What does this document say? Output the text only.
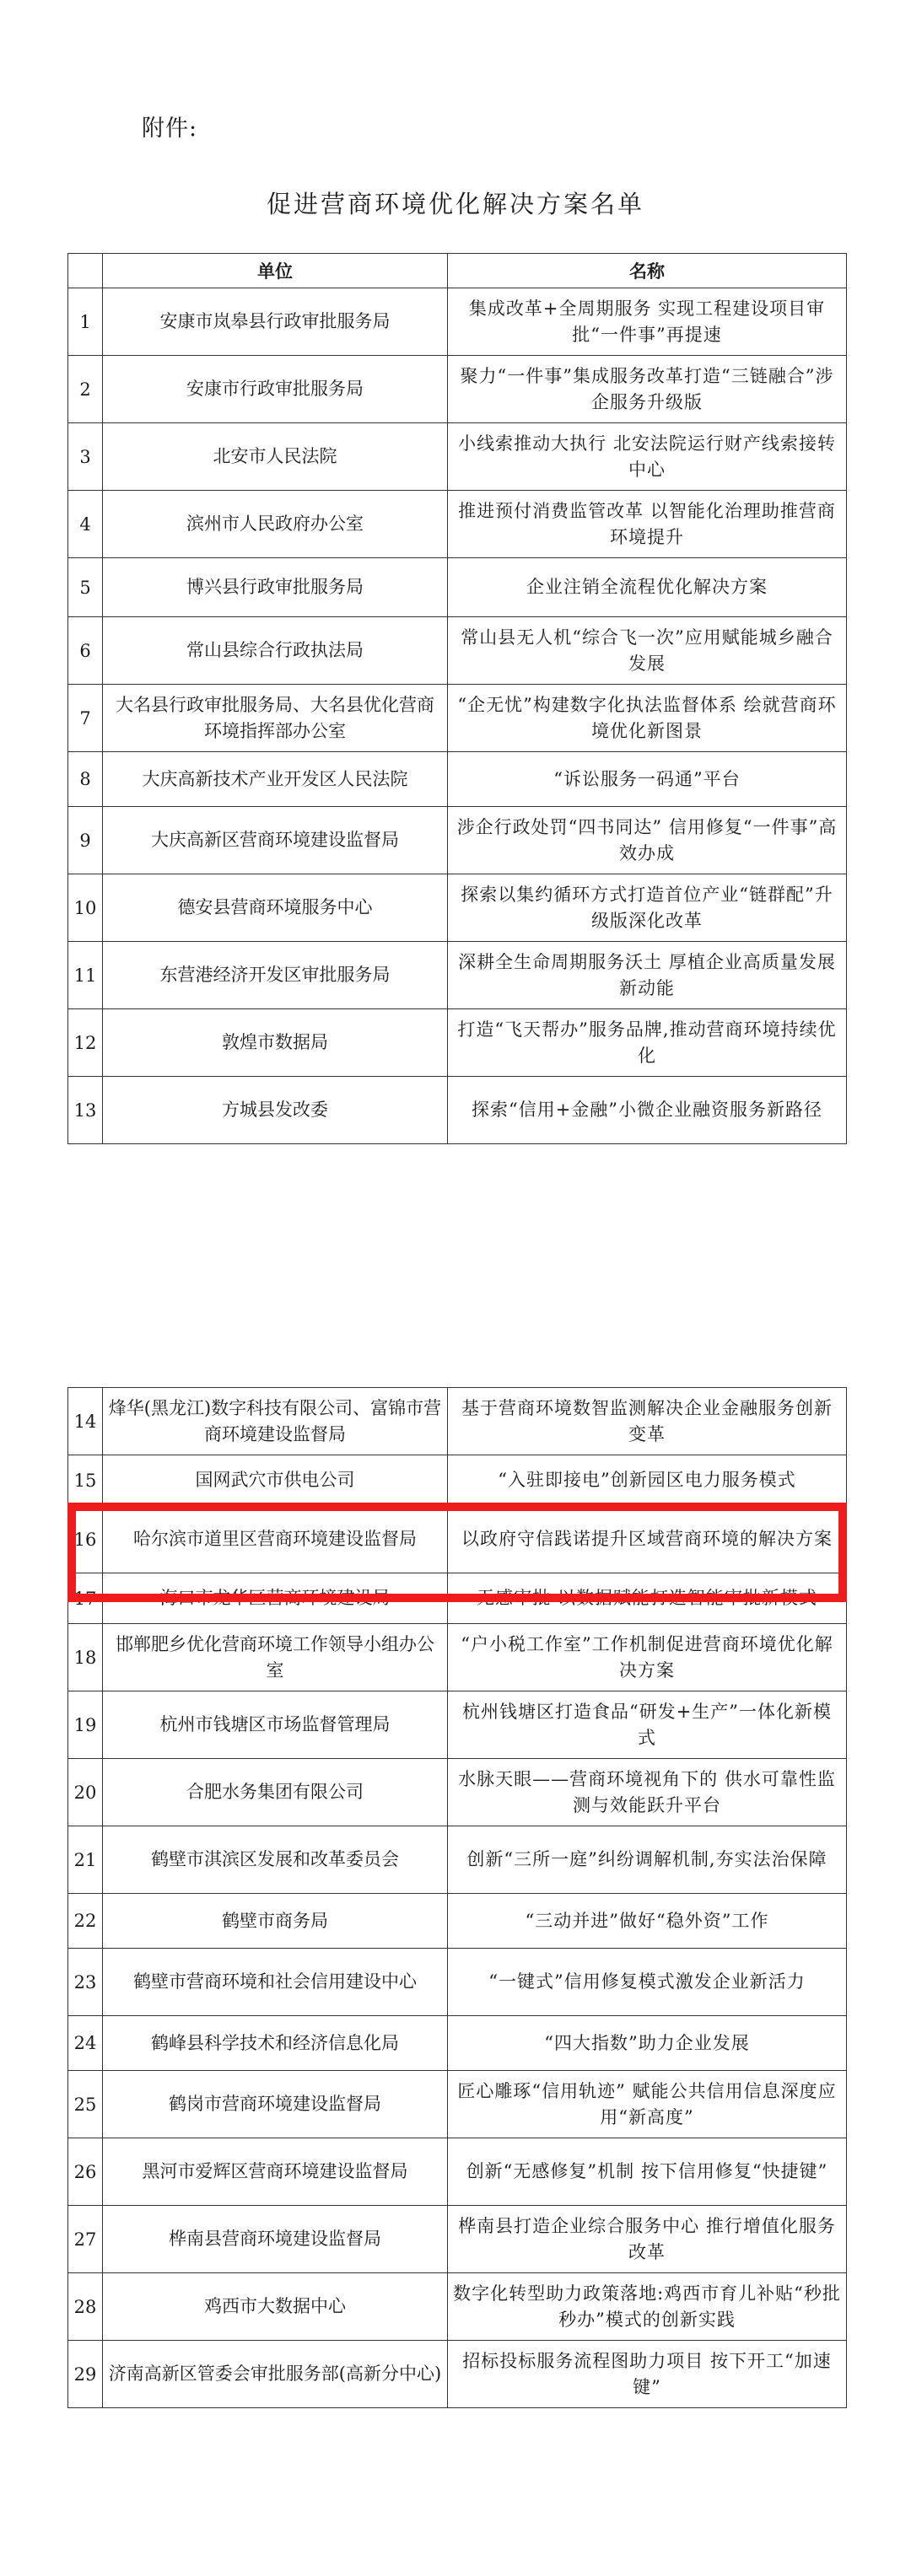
附件:
促进营商环境优化解决方案名单
	单位	名称
1	安康市岚皋县行政审批服务局	集成改革+全周期服务 实现工程建设项目审批“一件事”再提速
2	安康市行政审批服务局	聚力“一件事”集成服务改革打造“三链融合”涉企服务升级版
3	北安市人民法院	小线索推动大执行 北安法院运行财产线索接转中心
4	滨州市人民政府办公室	推进预付消费监管改革 以智能化治理助推营商环境提升
5	博兴县行政审批服务局	企业注销全流程优化解决方案
6	常山县综合行政执法局	常山县无人机“综合飞一次”应用赋能城乡融合发展
7	大名县行政审批服务局、大名县优化营商环境指挥部办公室	“企无忧”构建数字化执法监督体系 绘就营商环境优化新图景
8	大庆高新技术产业开发区人民法院	“诉讼服务一码通”平台
9	大庆高新区营商环境建设监督局	涉企行政处罚“四书同达” 信用修复“一件事”高效办成
10	德安县营商环境服务中心	探索以集约循环方式打造首位产业“链群配”升级版深化改革
11	东营港经济开发区审批服务局	深耕全生命周期服务沃土 厚植企业高质量发展新动能
12	敦煌市数据局	打造“飞天帮办”服务品牌,推动营商环境持续优化
13	方城县发改委	探索“信用+金融”小微企业融资服务新路径
14	烽华(黑龙江)数字科技有限公司、富锦市营商环境建设监督局	基于营商环境数智监测解决企业金融服务创新变革
15	国网武穴市供电公司	“入驻即接电”创新园区电力服务模式
16	哈尔滨市道里区营商环境建设监督局	以政府守信践诺提升区域营商环境的解决方案
17	海口市龙华区营商环境建设局	无感审批 以数据赋能打造智能审批新模式
18	邯郸肥乡优化营商环境工作领导小组办公室	“户小税工作室”工作机制促进营商环境优化解决方案
19	杭州市钱塘区市场监督管理局	杭州钱塘区打造食品“研发+生产”一体化新模式
20	合肥水务集团有限公司	水脉天眼——营商环境视角下的 供水可靠性监测与效能跃升平台
21	鹤壁市淇滨区发展和改革委员会	创新“三所一庭”纠纷调解机制,夯实法治保障
22	鹤壁市商务局	“三动并进”做好“稳外资”工作
23	鹤壁市营商环境和社会信用建设中心	“一键式”信用修复模式激发企业新活力
24	鹤峰县科学技术和经济信息化局	“四大指数”助力企业发展
25	鹤岗市营商环境建设监督局	匠心雕琢“信用轨迹” 赋能公共信用信息深度应用“新高度”
26	黑河市爱辉区营商环境建设监督局	创新“无感修复”机制 按下信用修复“快捷键”
27	桦南县营商环境建设监督局	桦南县打造企业综合服务中心 推行增值化服务改革
28	鸡西市大数据中心	数字化转型助力政策落地:鸡西市育儿补贴“秒批秒办”模式的创新实践
29	济南高新区管委会审批服务部(高新分中心)	招标投标服务流程图助力项目 按下开工“加速键”
